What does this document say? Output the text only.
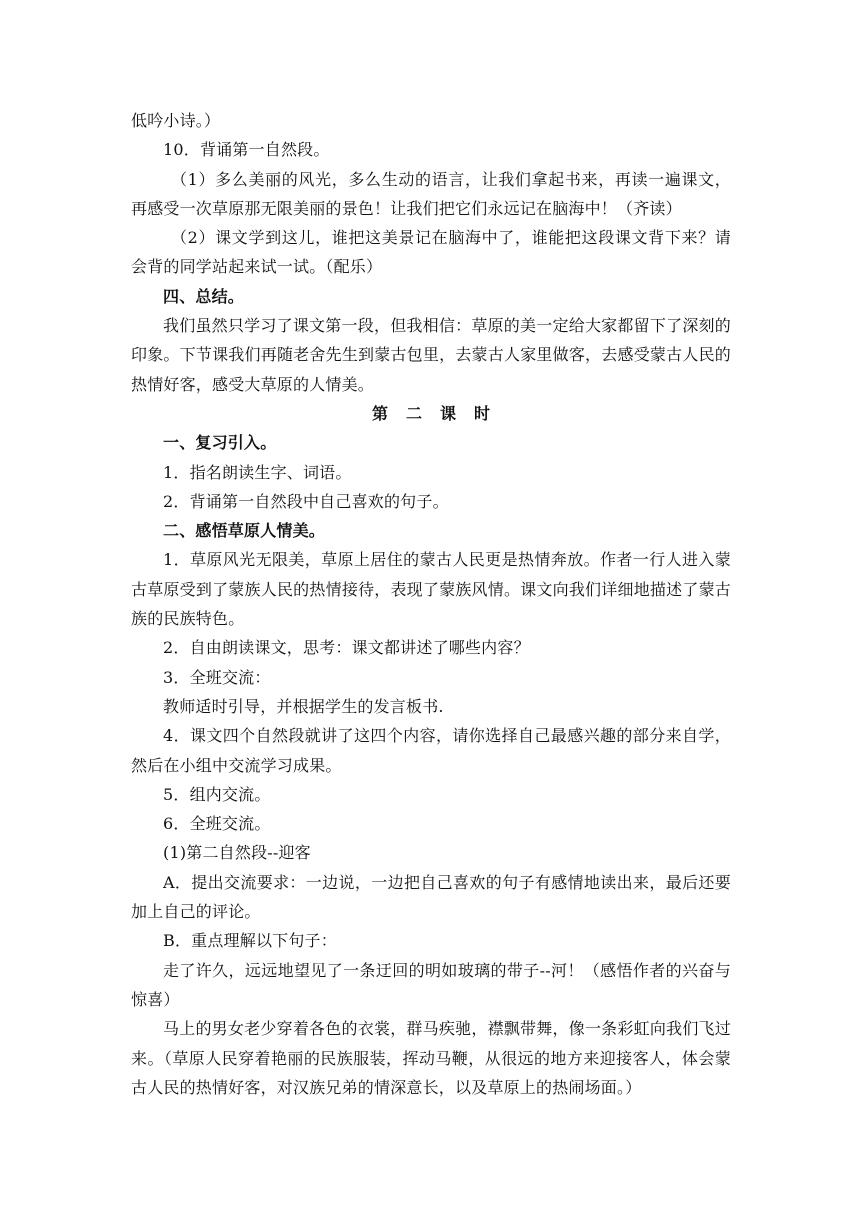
低吟小诗。）

10．背诵第一自然段。

（1）多么美丽的风光，多么生动的语言，让我们拿起书来，再读一遍课文，再感受一次草原那无限美丽的景色！让我们把它们永远记在脑海中！（齐读）

（2）课文学到这儿，谁把这美景记在脑海中了，谁能把这段课文背下来？请会背的同学站起来试一试。（配乐）

四、总结。

我们虽然只学习了课文第一段，但我相信：草原的美一定给大家都留下了深刻的印象。下节课我们再随老舍先生到蒙古包里，去蒙古人家里做客，去感受蒙古人民的热情好客，感受大草原的人情美。

第二课时

一、复习引入。

1．指名朗读生字、词语。

2．背诵第一自然段中自己喜欢的句子。

二、感悟草原人情美。

1．草原风光无限美，草原上居住的蒙古人民更是热情奔放。作者一行人进入蒙古草原受到了蒙族人民的热情接待，表现了蒙族风情。课文向我们详细地描述了蒙古族的民族特色。

2．自由朗读课文，思考：课文都讲述了哪些内容？

3．全班交流：

教师适时引导，并根据学生的发言板书.

4．课文四个自然段就讲了这四个内容，请你选择自己最感兴趣的部分来自学，然后在小组中交流学习成果。

5．组内交流。

6．全班交流。

(1)第二自然段--迎客

A．提出交流要求：一边说，一边把自己喜欢的句子有感情地读出来，最后还要加上自己的评论。

B．重点理解以下句子：

走了许久，远远地望见了一条迂回的明如玻璃的带子--河！（感悟作者的兴奋与惊喜）

马上的男女老少穿着各色的衣裳，群马疾驰，襟飘带舞，像一条彩虹向我们飞过来。（草原人民穿着艳丽的民族服装，挥动马鞭，从很远的地方来迎接客人，体会蒙古人民的热情好客，对汉族兄弟的情深意长，以及草原上的热闹场面。）
